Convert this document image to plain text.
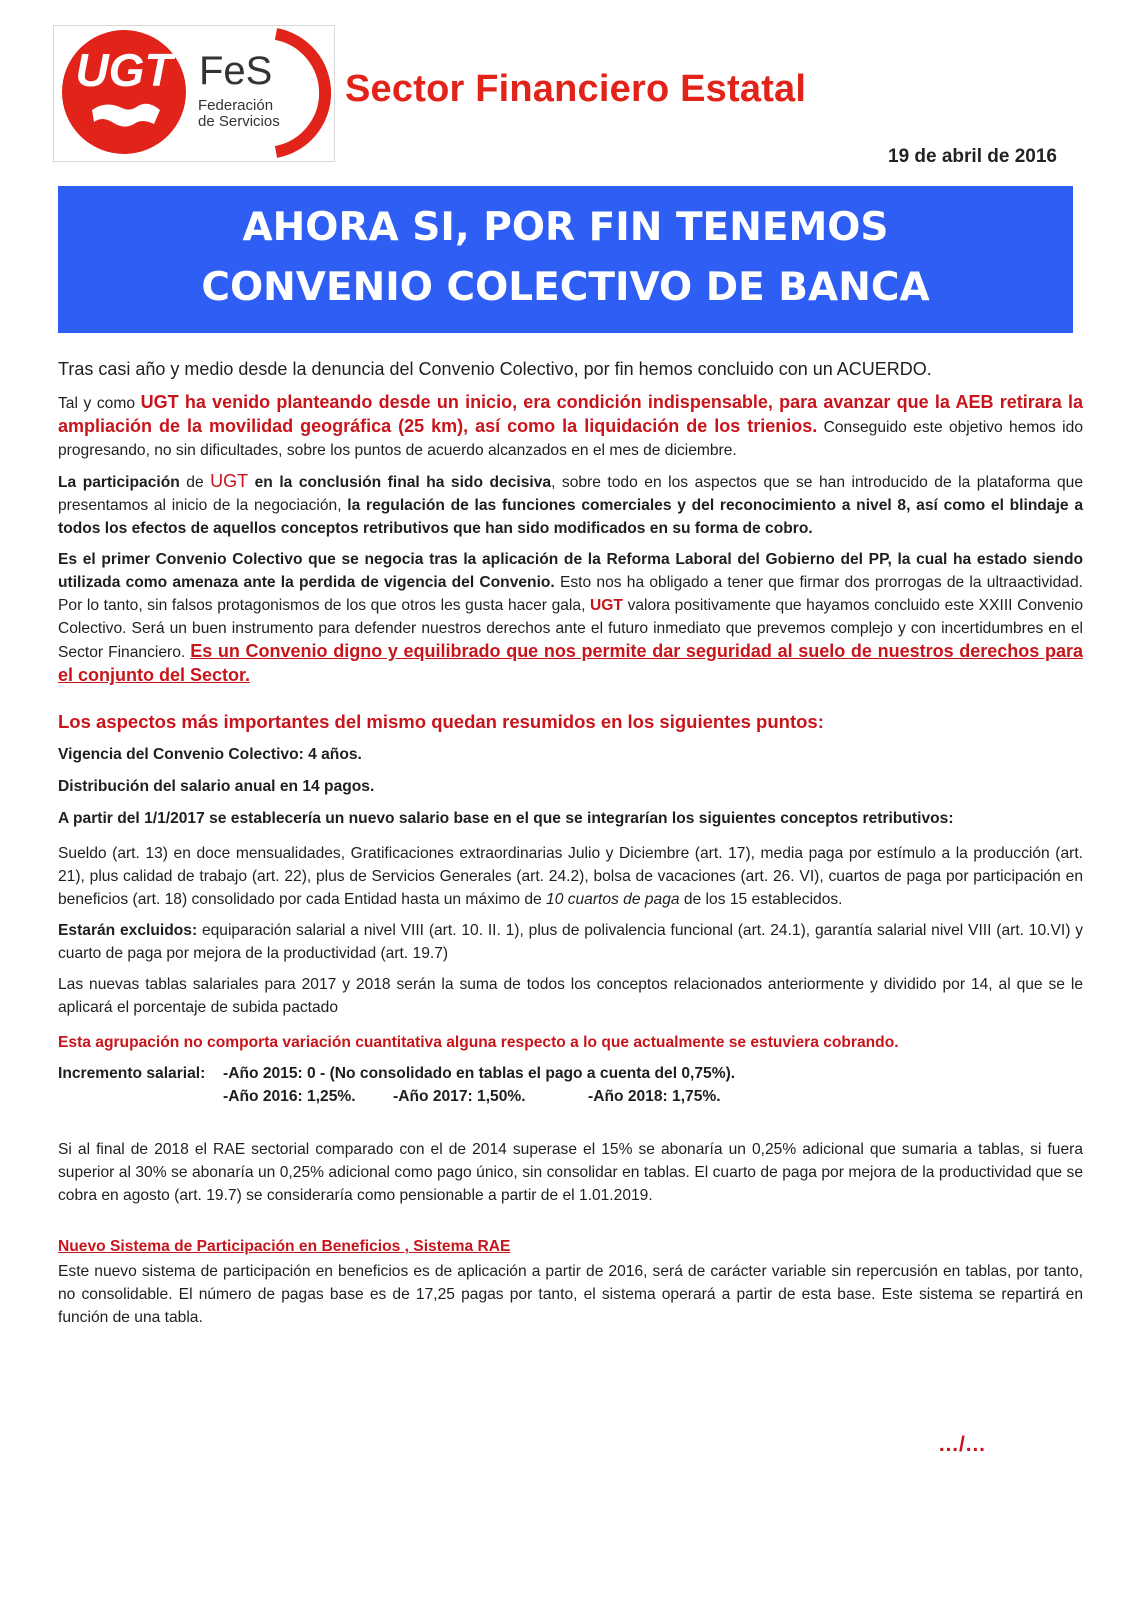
UGT FeS
Federación
de Servicios
Sector Financiero Estatal
19 de abril de 2016
AHORA SI, POR FIN TENEMOS
CONVENIO COLECTIVO DE BANCA

Tras casi año y medio desde la denuncia del Convenio Colectivo, por fin hemos concluido con un ACUERDO.

Tal y como UGT ha venido planteando desde un inicio, era condición indispensable, para avanzar que la AEB retirara la ampliación de la movilidad geográfica (25 km), así como la liquidación de los trienios. Conseguido este objetivo hemos ido progresando, no sin dificultades, sobre los puntos de acuerdo alcanzados en el mes de diciembre.

La participación de UGT en la conclusión final ha sido decisiva, sobre todo en los aspectos que se han introducido de la plataforma que presentamos al inicio de la negociación, la regulación de las funciones comerciales y del reconocimiento a nivel 8, así como el blindaje a todos los efectos de aquellos conceptos retributivos que han sido modificados en su forma de cobro.

Es el primer Convenio Colectivo que se negocia tras la aplicación de la Reforma Laboral del Gobierno del PP, la cual ha estado siendo utilizada como amenaza ante la perdida de vigencia del Convenio. Esto nos ha obligado a tener que firmar dos prorrogas de la ultraactividad. Por lo tanto, sin falsos protagonismos de los que otros les gusta hacer gala, UGT valora positivamente que hayamos concluido este XXIII Convenio Colectivo. Será un buen instrumento para defender nuestros derechos ante el futuro inmediato que prevemos complejo y con incertidumbres en el Sector Financiero. Es un Convenio digno y equilibrado que nos permite dar seguridad al suelo de nuestros derechos para el conjunto del Sector.

Los aspectos más importantes del mismo quedan resumidos en los siguientes puntos:

Vigencia del Convenio Colectivo: 4 años.

Distribución del salario anual en 14 pagos.

A partir del 1/1/2017 se establecería un nuevo salario base en el que se integrarían los siguientes conceptos retributivos:

Sueldo (art. 13) en doce mensualidades, Gratificaciones extraordinarias Julio y Diciembre (art. 17), media paga por estímulo a la producción (art. 21), plus calidad de trabajo (art. 22), plus de Servicios Generales (art. 24.2), bolsa de vacaciones (art. 26. VI), cuartos de paga por participación en beneficios (art. 18) consolidado por cada Entidad hasta un máximo de 10 cuartos de paga de los 15 establecidos.

Estarán excluidos: equiparación salarial a nivel VIII (art. 10. II. 1), plus de polivalencia funcional (art. 24.1), garantía salarial nivel VIII (art. 10.VI) y cuarto de paga por mejora de la productividad (art. 19.7)

Las nuevas tablas salariales para 2017 y 2018 serán la suma de todos los conceptos relacionados anteriormente y dividido por 14, al que se le aplicará el porcentaje de subida pactado

Esta agrupación no comporta variación cuantitativa alguna respecto a lo que actualmente se estuviera cobrando.

Incremento salarial:	-Año 2015: 0 - (No consolidado en tablas el pago a cuenta del 0,75%).
-Año 2016: 1,25%.	-Año 2017: 1,50%.	-Año 2018: 1,75%.

Si al final de 2018 el RAE sectorial comparado con el de 2014 superase el 15% se abonaría un 0,25% adicional que sumaria a tablas, si fuera superior al 30% se abonaría un 0,25% adicional como pago único, sin consolidar en tablas. El cuarto de paga por mejora de la productividad que se cobra en agosto (art. 19.7) se consideraría como pensionable a partir de el 1.01.2019.

Nuevo Sistema de Participación en Beneficios , Sistema RAE

Este nuevo sistema de participación en beneficios es de aplicación a partir de 2016, será de carácter variable sin repercusión en tablas, por tanto, no consolidable. El número de pagas base es de 17,25 pagas por tanto, el sistema operará a partir de esta base. Este sistema se repartirá en función de una tabla.

…/…
